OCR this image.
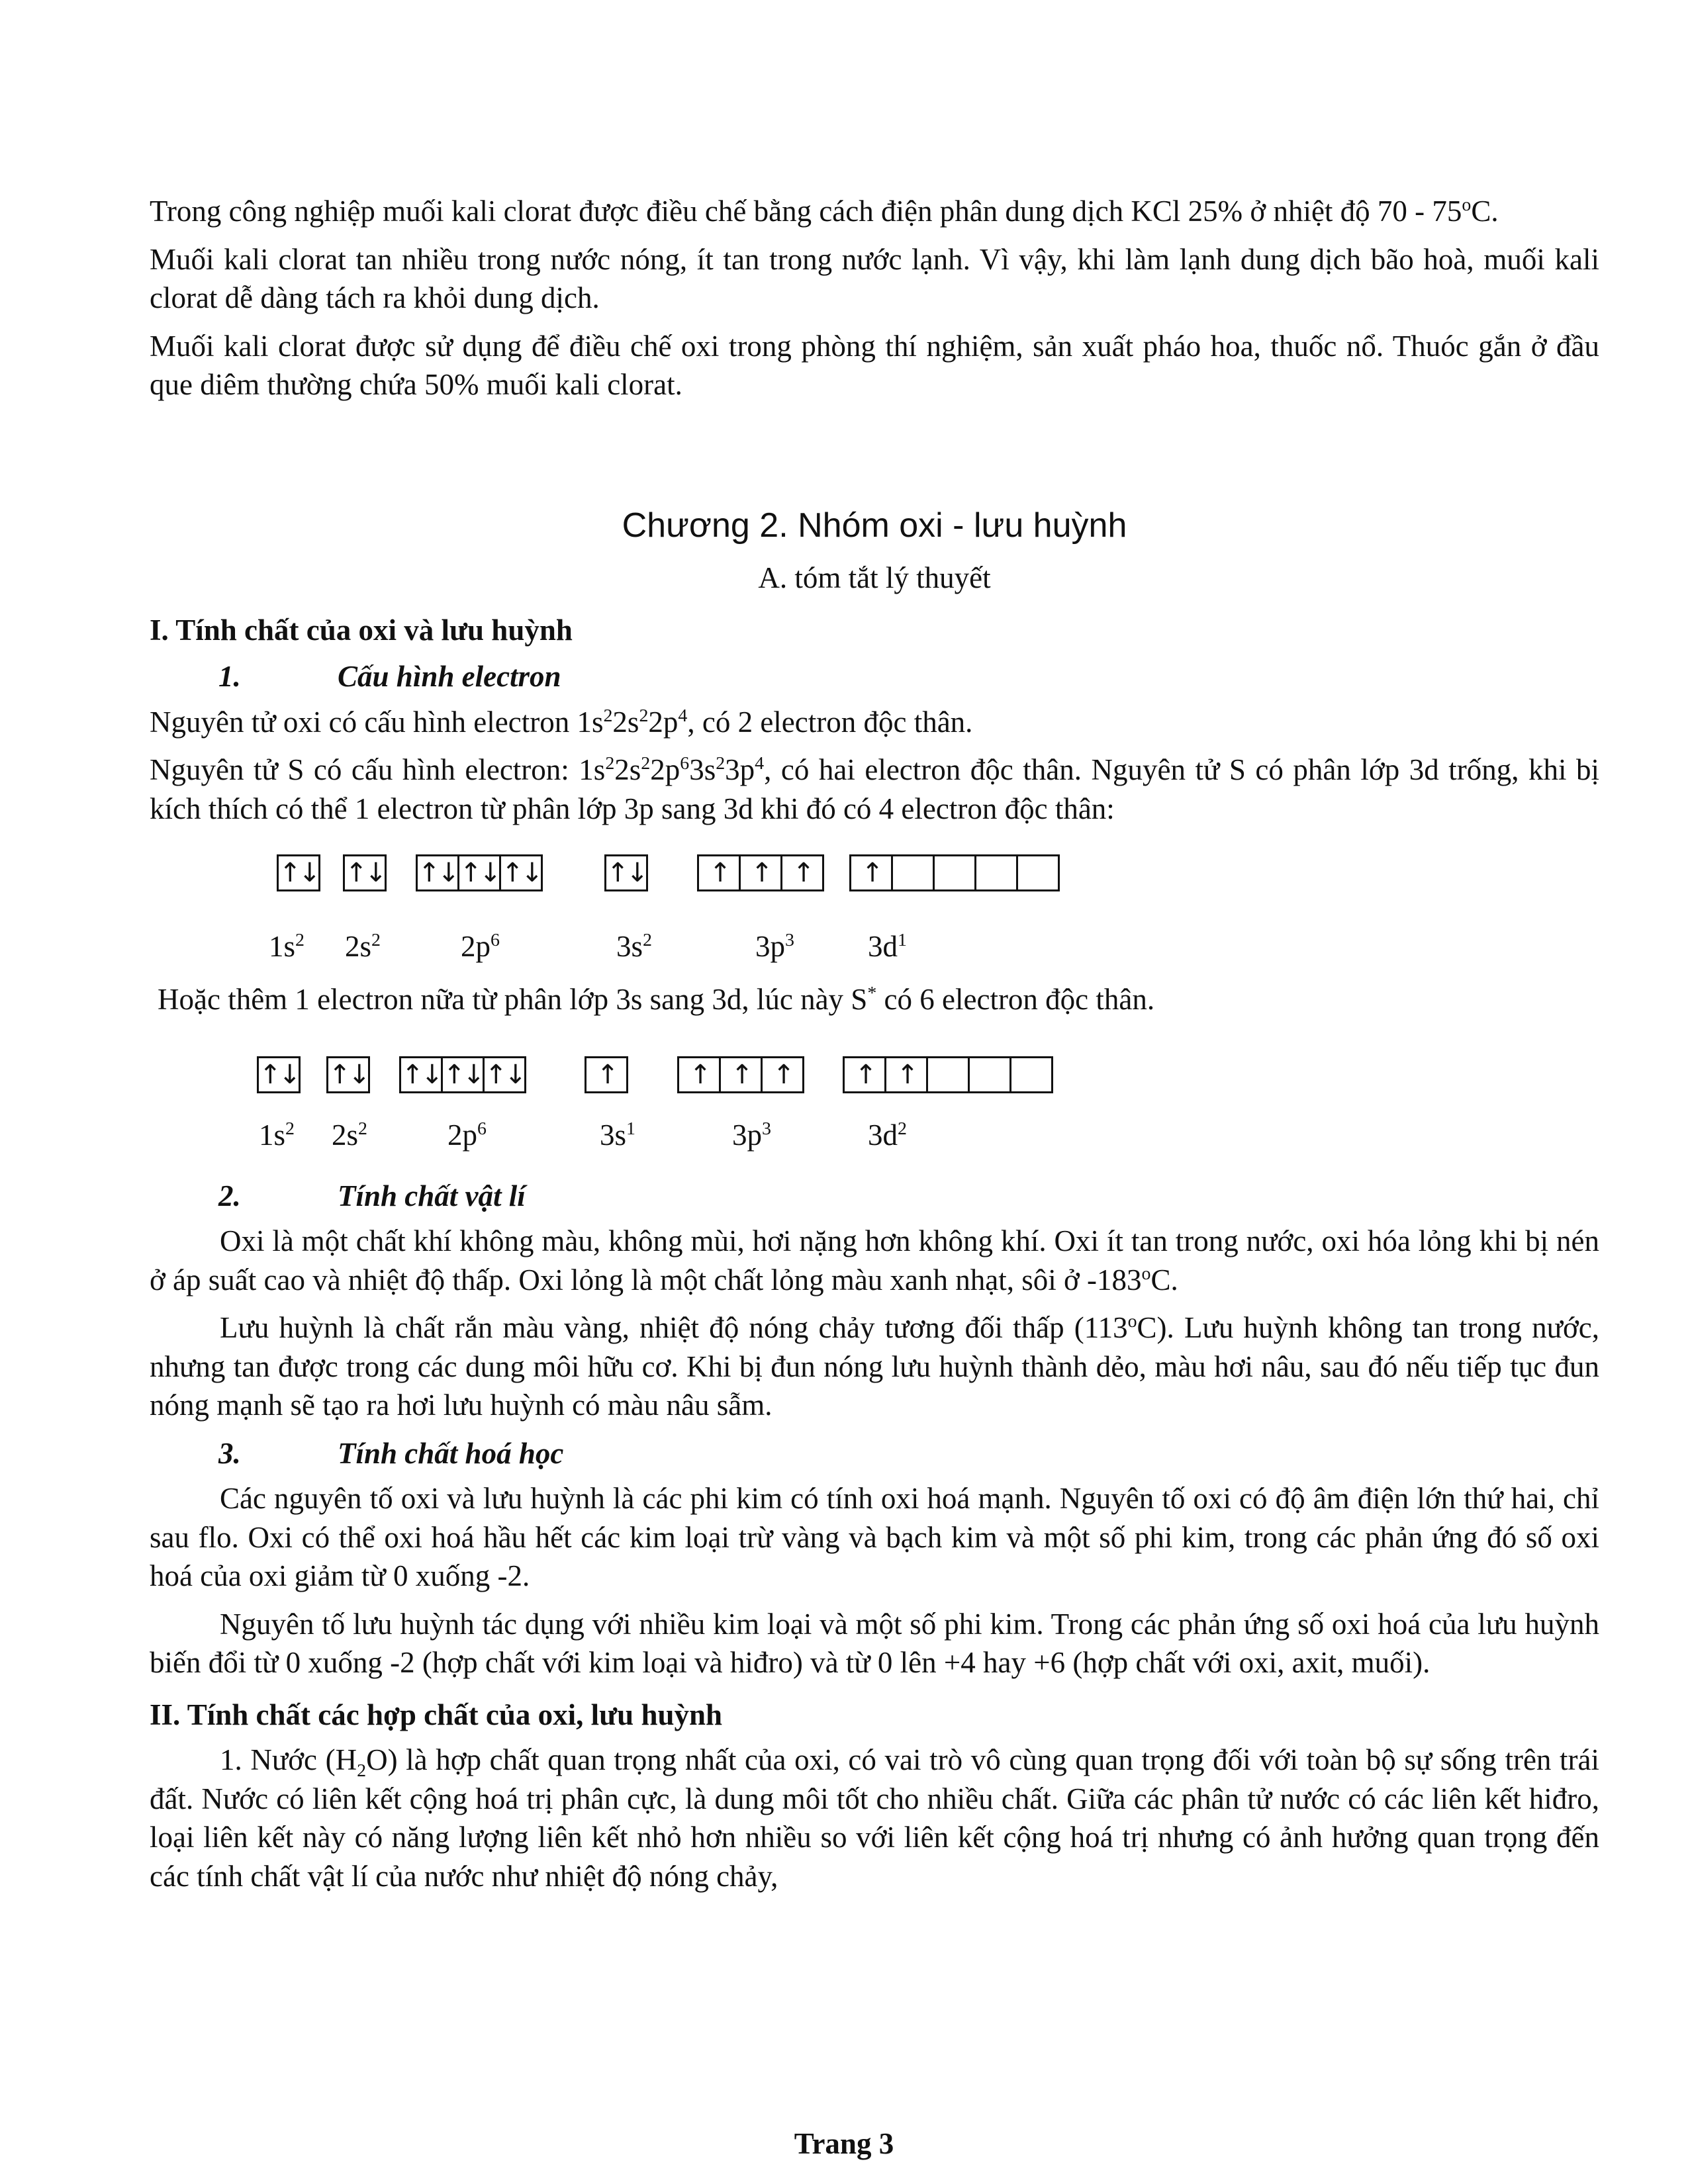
Trong công nghiệp muối kali clorat được điều chế bằng cách điện phân dung dịch KCl 25% ở nhiệt độ 70 - 75$^o$C.

Muối kali clorat tan nhiều trong nước nóng, ít tan trong nước lạnh. Vì vậy, khi làm lạnh dung dịch bão hoà, muối kali clorat dễ dàng tách ra khỏi dung dịch.

Muối kali clorat được sử dụng để điều chế oxi trong phòng thí nghiệm, sản xuất pháo hoa, thuốc nổ. Thuóc gắn ở đầu que diêm thường chứa 50% muối kali clorat.

Chương 2. Nhóm oxi - lưu huỳnh
A. tóm tắt lý thuyết
I. Tính chất của oxi và lưu huỳnh
1.	Cấu hình electron

Nguyên tử oxi có cấu hình electron $1s^22s^22p^4$, có 2 electron độc thân.

Nguyên tử S có cấu hình electron: $1s^22s^22p^63s^23p^4$, có hai electron độc thân. Nguyên tử S có phân lớp 3d trống, khi bị kích thích có thể 1 electron từ phân lớp 3p sang 3d khi đó có 4 electron độc thân:

↑↓ ↑↓ ↑↓ ↑↓ ↑↓ ↑↓	↑ ↑ ↑	↑
$1s^2$ $2s^2$	$2p^6$	$3s^2$	$3p^3$ $3d^1$

Hoặc thêm 1 electron nữa từ phân lớp 3s sang 3d, lúc này S* có 6 electron độc thân.

↑↓ ↑↓ ↑↓ ↑↓ ↑↓	↑	↑ ↑ ↑	↑ ↑
$1s^2$ $2s^2$	$2p^6$	$3s^1$	$3p^3$	$3d^2$
2.	Tính chất vật lí

Oxi là một chất khí không màu, không mùi, hơi nặng hơn không khí. Oxi ít tan trong nước, oxi hóa lỏng khi bị nén ở áp suất cao và nhiệt độ thấp. Oxi lỏng là một chất lỏng màu xanh nhạt, sôi ở -183$^o$C.

Lưu huỳnh là chất rắn màu vàng, nhiệt độ nóng chảy tương đối thấp (113$^o$C). Lưu huỳnh không tan trong nước, nhưng tan được trong các dung môi hữu cơ. Khi bị đun nóng lưu huỳnh thành dẻo, màu hơi nâu, sau đó nếu tiếp tục đun nóng mạnh sẽ tạo ra hơi lưu huỳnh có màu nâu sẫm.

3.	Tính chất hoá học

Các nguyên tố oxi và lưu huỳnh là các phi kim có tính oxi hoá mạnh. Nguyên tố oxi có độ âm điện lớn thứ hai, chỉ sau flo. Oxi có thể oxi hoá hầu hết các kim loại trừ vàng và bạch kim và một số phi kim, trong các phản ứng đó số oxi hoá của oxi giảm từ 0 xuống -2.

Nguyên tố lưu huỳnh tác dụng với nhiều kim loại và một số phi kim. Trong các phản ứng số oxi hoá của lưu huỳnh biến đổi từ 0 xuống -2 (hợp chất với kim loại và hiđro) và từ 0 lên +4 hay +6 (hợp chất với oxi, axit, muối).

II. Tính chất các hợp chất của oxi, lưu huỳnh

1. Nước $(H_2O)$ là hợp chất quan trọng nhất của oxi, có vai trò vô cùng quan trọng đối với toàn bộ sự sống trên trái đất. Nước có liên kết cộng hoá trị phân cực, là dung môi tốt cho nhiều chất. Giữa các phân tử nước có các liên kết hiđro, loại liên kết này có năng lượng liên kết nhỏ hơn nhiều so với liên kết cộng hoá trị nhưng có ảnh hưởng quan trọng đến các tính chất vật lí của nước như nhiệt độ nóng chảy,

Trang 3
